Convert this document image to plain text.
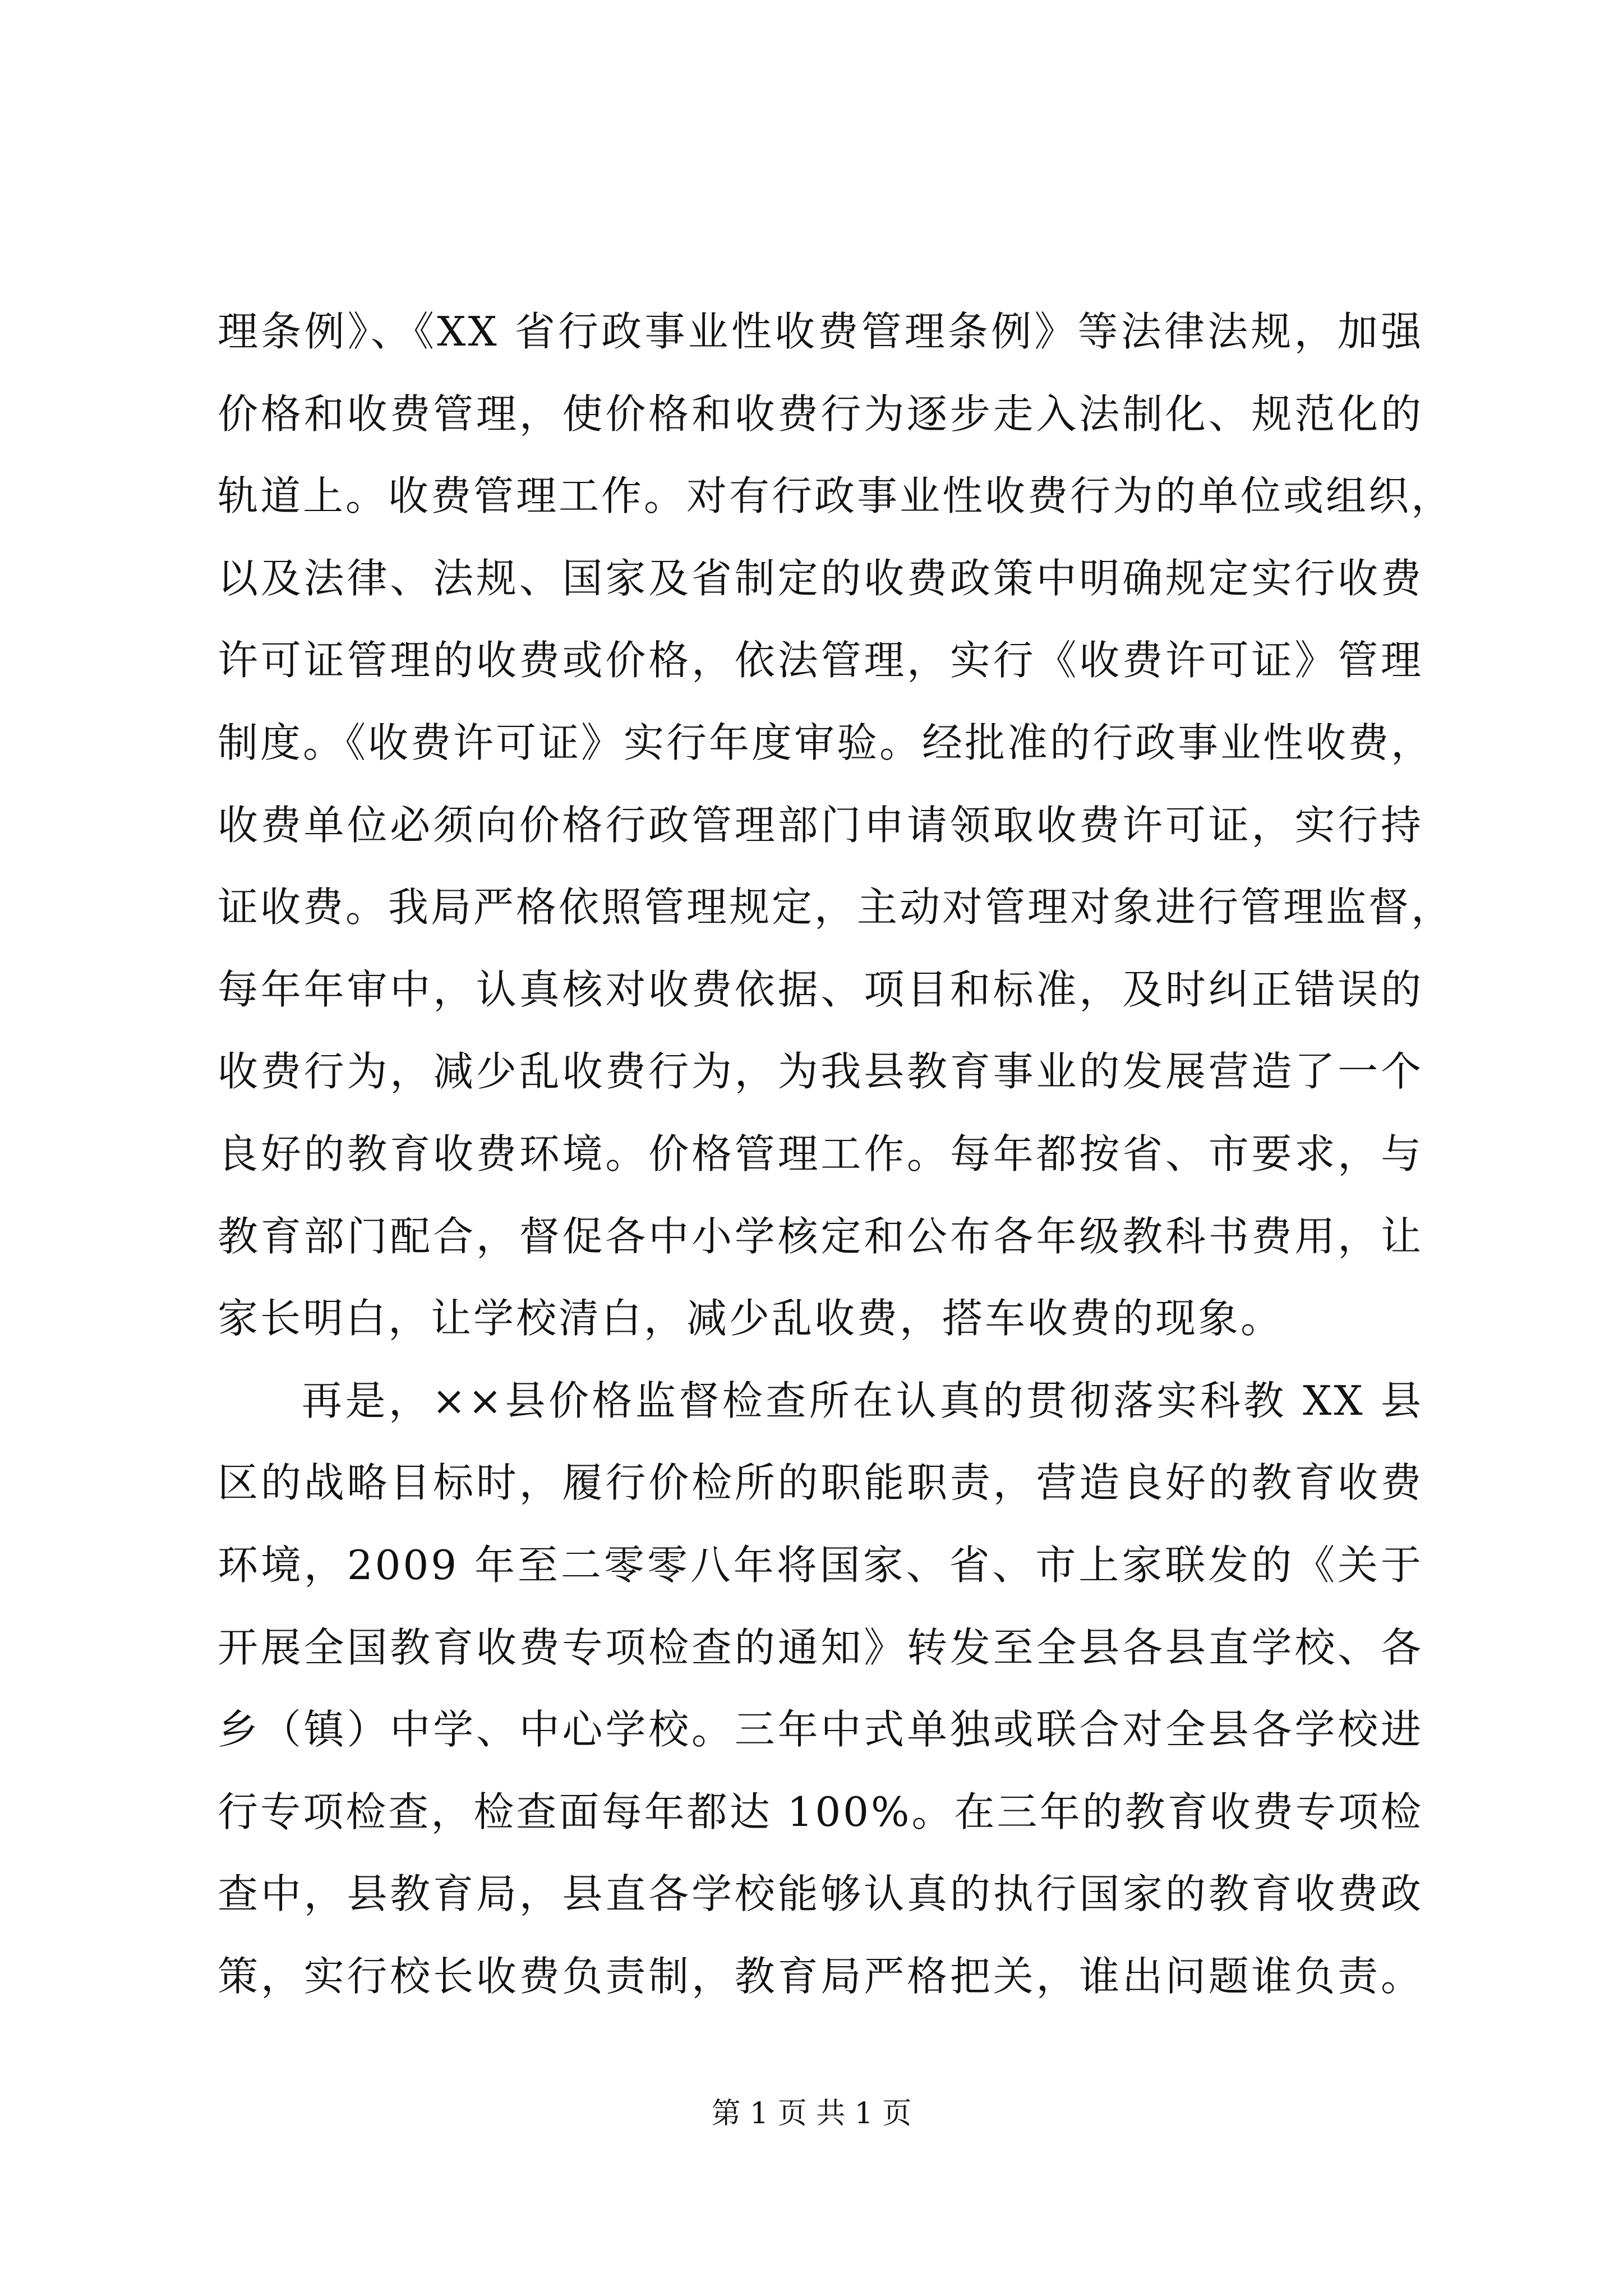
理条例》、《XX 省行政事业性收费管理条例》等法律法规，加强
价格和收费管理，使价格和收费行为逐步走入法制化、规范化的
轨道上。收费管理工作。对有行政事业性收费行为的单位或组织，
以及法律、法规、国家及省制定的收费政策中明确规定实行收费
许可证管理的收费或价格，依法管理，实行《收费许可证》管理
制度。《收费许可证》实行年度审验。经批准的行政事业性收费，
收费单位必须向价格行政管理部门申请领取收费许可证，实行持
证收费。我局严格依照管理规定，主动对管理对象进行管理监督，
每年年审中，认真核对收费依据、项目和标准，及时纠正错误的
收费行为，减少乱收费行为，为我县教育事业的发展营造了一个
良好的教育收费环境。价格管理工作。每年都按省、市要求，与
教育部门配合，督促各中小学核定和公布各年级教科书费用，让
家长明白，让学校清白，减少乱收费，搭车收费的现象。
再是，××县价格监督检查所在认真的贯彻落实科教 XX 县
区的战略目标时，履行价检所的职能职责，营造良好的教育收费
环境，2009 年至二零零八年将国家、省、市上家联发的《关于
开展全国教育收费专项检查的通知》转发至全县各县直学校、各
乡（镇）中学、中心学校。三年中式单独或联合对全县各学校进
行专项检查，检查面每年都达 100%。在三年的教育收费专项检
查中，县教育局，县直各学校能够认真的执行国家的教育收费政
策，实行校长收费负责制，教育局严格把关，谁出问题谁负责。
第 1 页 共 1 页
